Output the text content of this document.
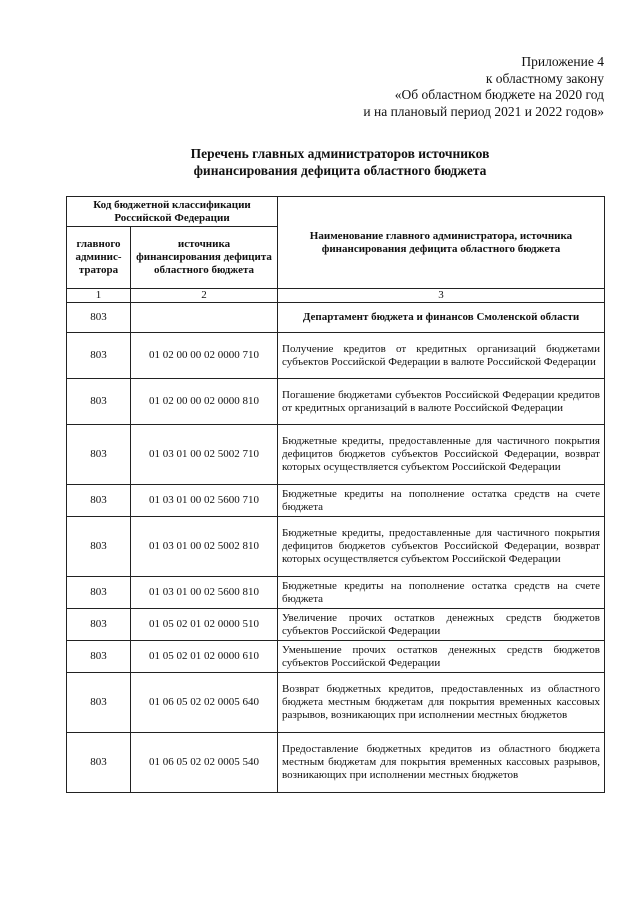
Приложение 4
к областному закону
«Об областном бюджете на 2020 год
и на плановый период 2021 и 2022 годов»
Перечень главных администраторов источников
финансирования дефицита областного бюджета
Код бюджетной классификации Российской Федерации		Наименование главного администратора, источника финансирования дефицита областного бюджета
главного админис-тратора	источника финансирования дефицита областного бюджета	
1	2	3
803		Департамент бюджета и финансов Смоленской области
803	01 02 00 00 02 0000 710	Получение кредитов от кредитных организаций бюджетами субъектов Российской Федерации в валюте Российской Федерации
803	01 02 00 00 02 0000 810	Погашение бюджетами субъектов Российской Федерации кредитов от кредитных организаций в валюте Российской Федерации
803	01 03 01 00 02 5002 710	Бюджетные кредиты, предоставленные для частичного покрытия дефицитов бюджетов субъектов Российской Федерации, возврат которых осуществляется субъектом Российской Федерации
803	01 03 01 00 02 5600 710	Бюджетные кредиты на пополнение остатка средств на счете бюджета
803	01 03 01 00 02 5002 810	Бюджетные кредиты, предоставленные для частичного покрытия дефицитов бюджетов субъектов Российской Федерации, возврат которых осуществляется субъектом Российской Федерации
803	01 03 01 00 02 5600 810	Бюджетные кредиты на пополнение остатка средств на счете бюджета
803	01 05 02 01 02 0000 510	Увеличение прочих остатков денежных средств бюджетов субъектов Российской Федерации
803	01 05 02 01 02 0000 610	Уменьшение прочих остатков денежных средств бюджетов субъектов Российской Федерации
803	01 06 05 02 02 0005 640	Возврат бюджетных кредитов, предоставленных из областного бюджета местным бюджетам для покрытия временных кассовых разрывов, возникающих при исполнении местных бюджетов
803	01 06 05 02 02 0005 540	Предоставление бюджетных кредитов из областного бюджета местным бюджетам для покрытия временных кассовых разрывов, возникающих при исполнении местных бюджетов
